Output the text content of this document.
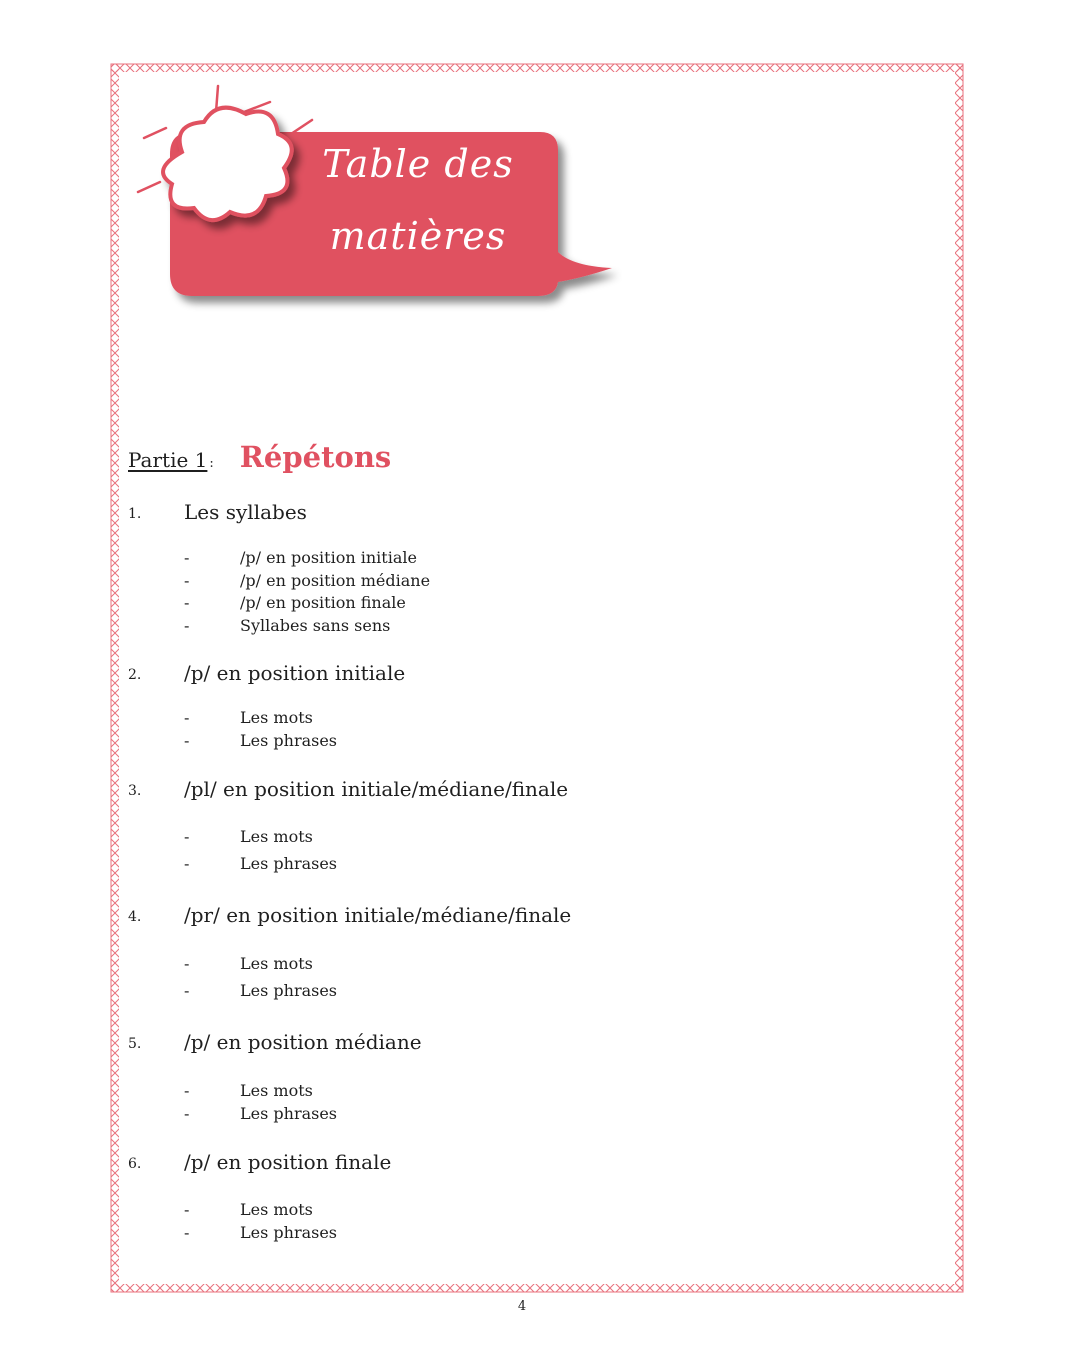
Table des
matières
Partie 1 : Répétons
1.	Les syllabes
-	/p/ en position initiale
-	/p/ en position médiane
-	/p/ en position finale
-	Syllabes sans sens
2.	/p/ en position initiale
-	Les mots
-	Les phrases
3.	/pl/ en position initiale/médiane/finale
-	Les mots
-	Les phrases
4.	/pr/ en position initiale/médiane/finale
-	Les mots
-	Les phrases
5.	/p/ en position médiane
-	Les mots
-	Les phrases
6.	/p/ en position finale
-	Les mots
-	Les phrases
4
